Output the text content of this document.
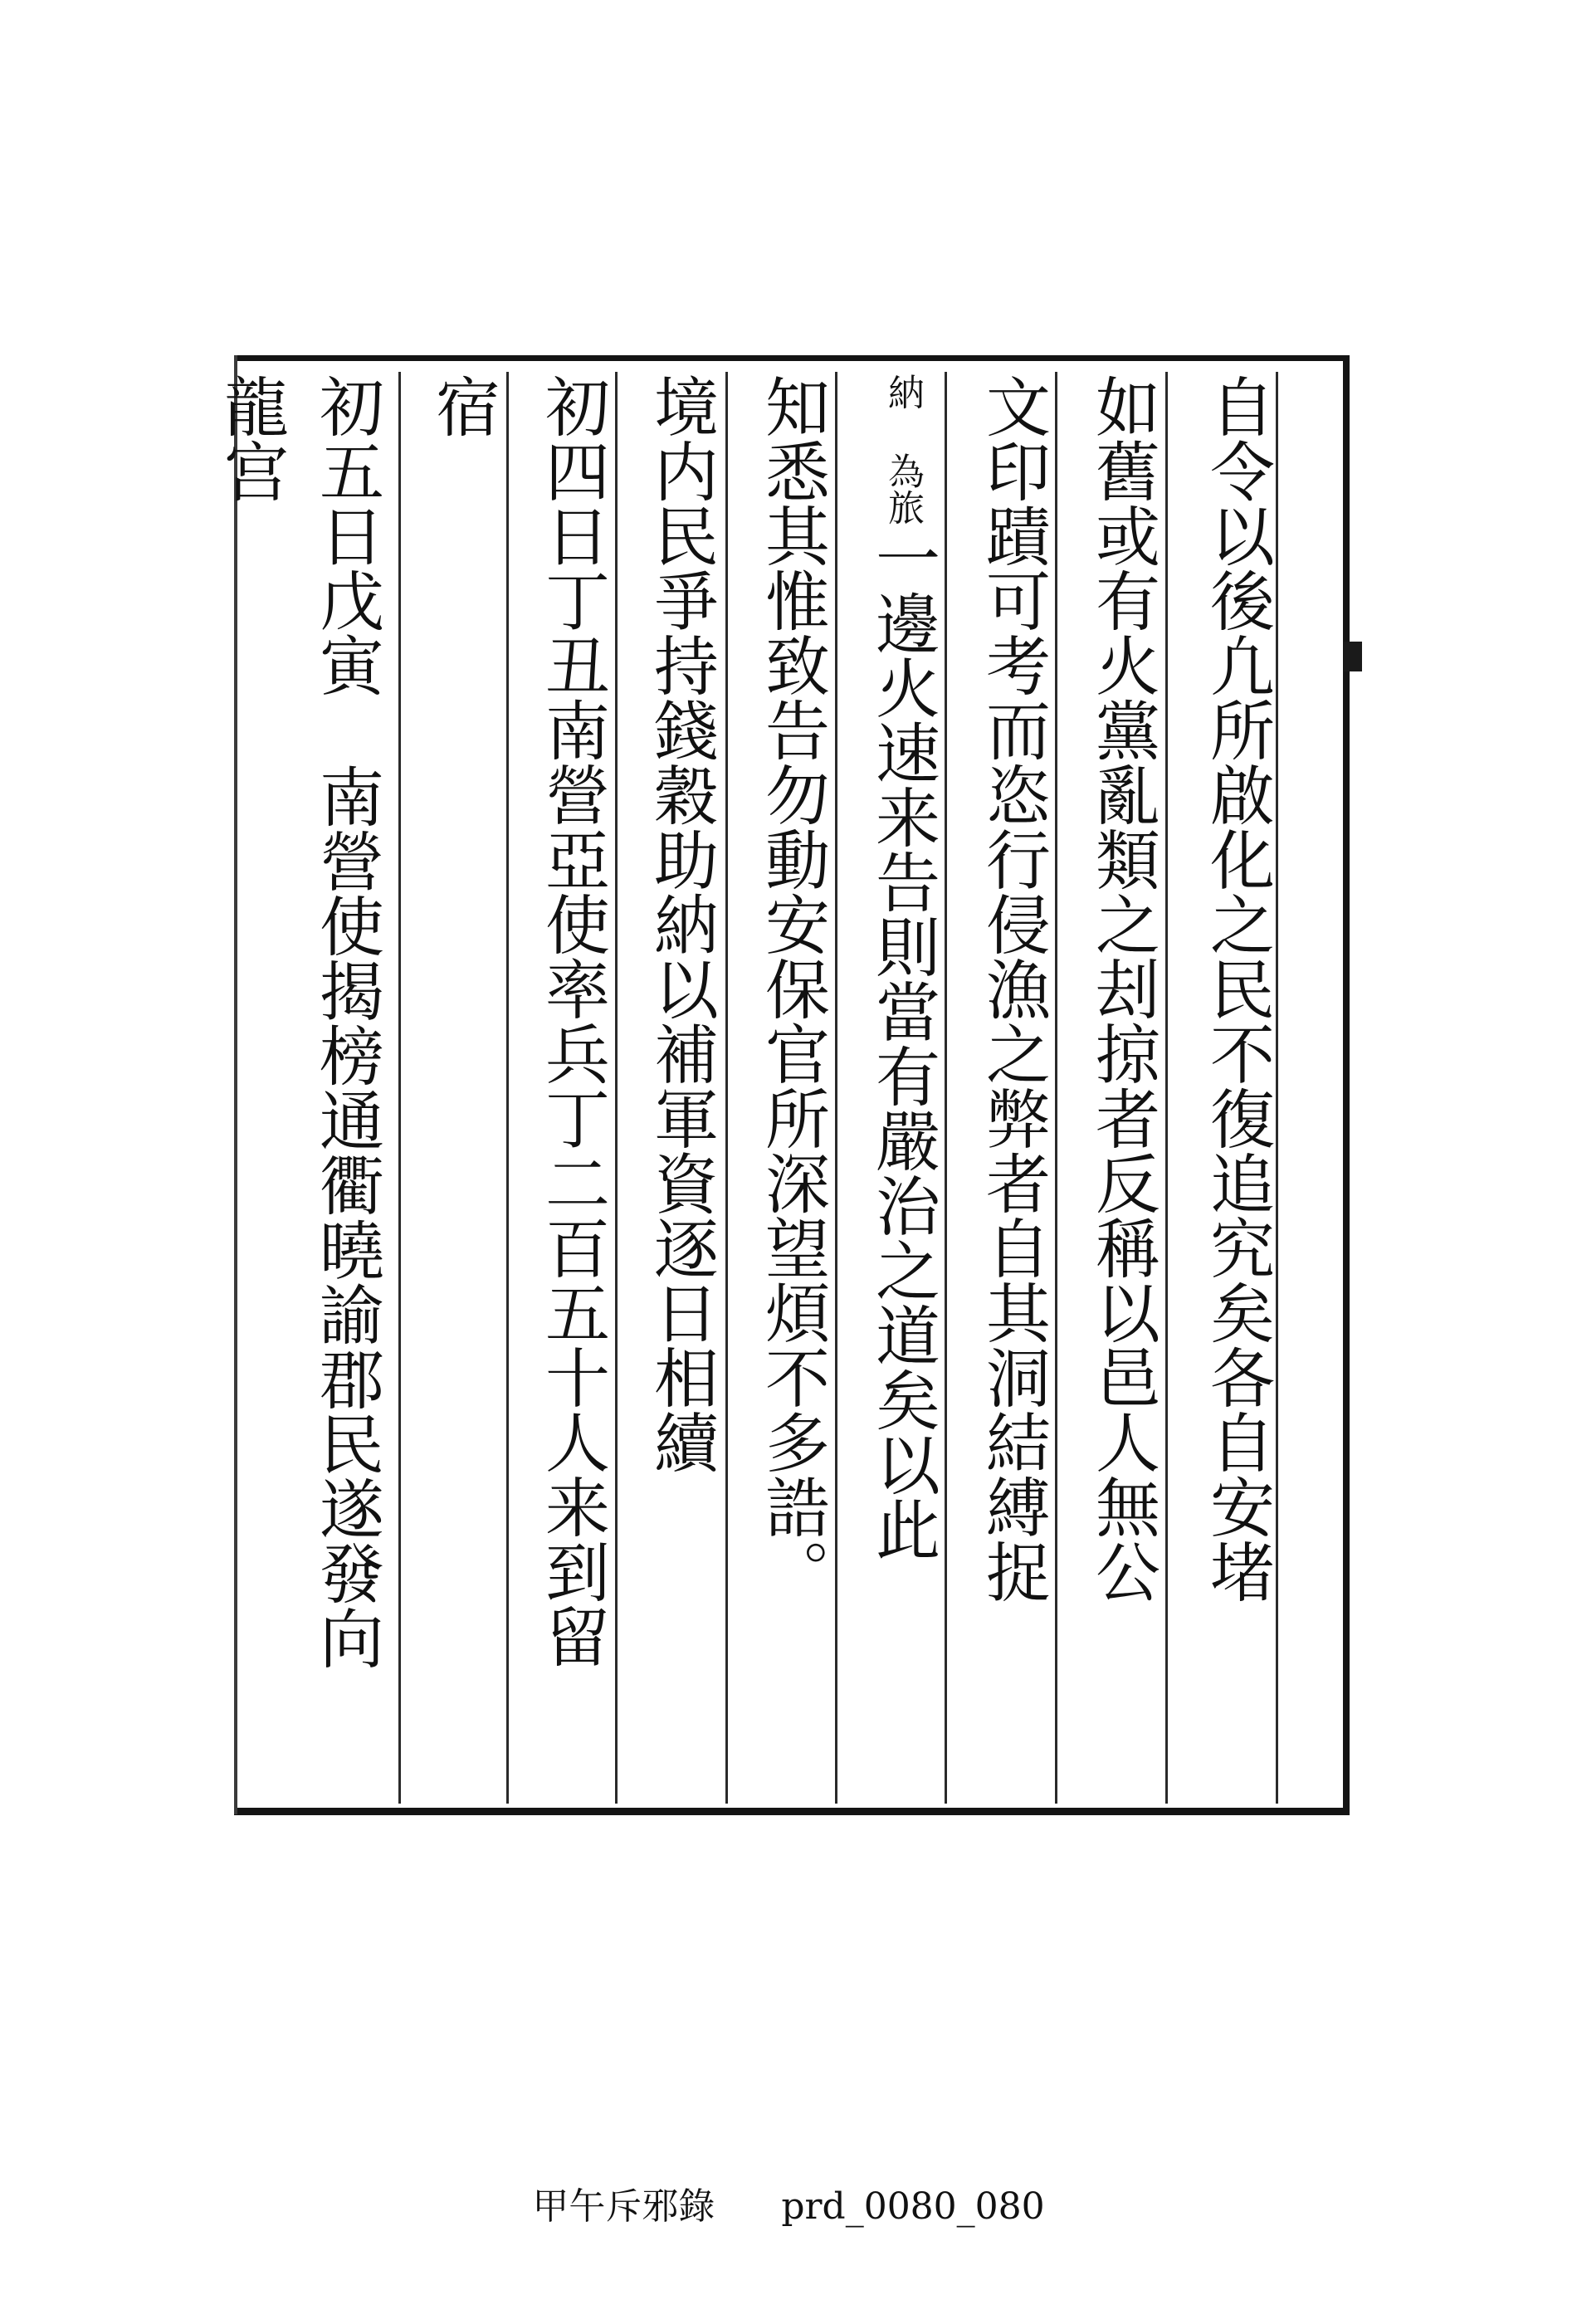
自令以後凢所啟化之民不復追究矣各自安堵
如舊或有火黨亂類之刦掠者反稱以邑人無公
文印蹟可考而恣行侵漁之弊者自其洞結縛捉
納 為旅一邊火速来告則當有嚴治之道矣以此
知悉其惟致告勿動安保官所深望煩不多誥。
境内民爭持錢穀助納以補軍資逐日相續
初四日丁丑南營亞使率兵丁二百五十人来到留
宿
初五日戊寅南營使揭榜通衢曉諭郡民遂發向
龍宫
甲午斥邪錄 prd_0080_080
